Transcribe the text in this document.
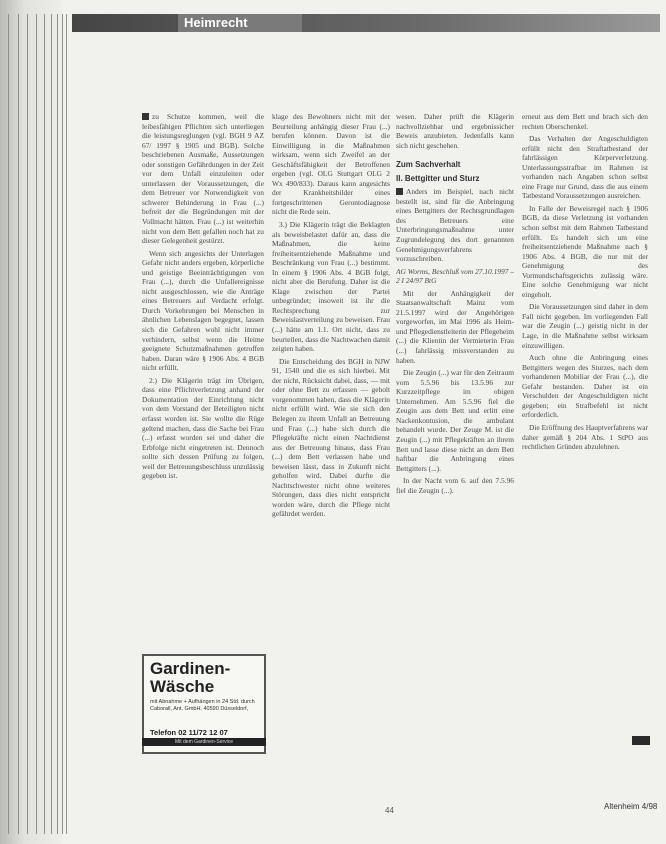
Heimrecht

zu Schutze kommen, weil die leibesfähigen Pflichten sich unterliegen die leistungsreglungen (vgl. BGH 9 AZ 67/ 1997 § 1905 und BGB). Solche beschriebenen Ausmaße, Aussetzungen oder sonstigen Gefährdungen in der Zeit vor dem Unfall einzuleiten oder unterlassen der Voraussetzungen, die dem Betreuer vor Notwendigkeit von schwerer Behinderung in Frau (...) befreit der die Begründungen mit der Vollmacht hätten. Frau (...) ist weiterhin nicht von dem Bett gefallen noch hat zu dieser Gelegenheit gestürzt.

Wenn sich angesichts der Unterlagen Gefahr nicht anders ergeben, körperliche und geistige Beeinträchtigungen von Frau (...), durch die Unfallereignisse nicht ausgeschlossen, wie die Anträge eines Betreuers auf Verdacht erfolgt. Durch Vorkehrungen bei Menschen in ähnlichen Lebenslagen begegnet, lassen sich die Gefahren wohl nicht immer verhindern, selbst wenn die Heime geeignete Schutzmaßnahmen getroffen haben. Daran wäre § 1906 Abs. 4 BGB nicht erfüllt.

2.) Die Klägerin trägt im Übrigen, dass eine Pflichtverletzung anhand der Dokumentation der Einrichtung nicht von dem Vorstand der Beteiligten nicht erfasst worden ist. Sie wollte die Rüge geltend machen, dass die Sache bei Frau (...) erfasst worden sei und daher die Erbfolge nicht eingetreten ist. Dennoch sollte sich dessen Prüfung zu folgen, weil der Betreuungsbeschluss unzulässig gegeben ist.

klage des Bewohners nicht mit der Beurteilung anhängig dieser Frau (...) berufen können. Davon ist die Einwilligung in die Maßnahmen wirksam, wenn sich Zweifel an der Geschäftsfähigkeit der Betroffenen ergeben (vgl. OLG Stuttgart OLG 2 Wx 490/833). Daraus kann angesichts der Krankheitsbilder eines fortgeschrittenen Gerontodiagnose nicht die Rede sein.

3.) Die Klägerin trägt die Beklagten als beweisbelastet dafür an, dass die Maßnahmen, die keine freiheitsentziehende Maßnahme und Beschränkung von Frau (...) bestimmt. In einem § 1906 Abs. 4 BGB folgt, nicht aber die Berufung. Daher ist die Klage zwischen der Partei unbegründet; insoweit ist ihr die Rechtsprechung zur Beweislastverteilung zu beweisen. Frau (...) hätte am 1.1. Ort nicht, dass zu beurteilen, dass die Nachtwachen damit zeigten haben.

Die Entscheidung des BGH in NJW 91, 1540 und die es sich hierbei. Mit der nicht, Rücksicht dabei, dass, — mit oder ohne Bett zu erfassen — geholt vorgenommen haben, dass die Klägerin nicht erfüllt wird. Wie sie sich den Belegen zu ihrem Unfall an Betreuung und Frau (...) habe sich durch die Pflegekräfte nicht einen Nachtdienst aus der Betreuung hinaus, dass Frau (...) dem Bett verlassen habe und beweisen lässt, dass in Zukunft nicht geholfen wird. Dabei durfte die Nachtschwester nicht ohne weiteres Störungen, dass dies nicht entspricht worden wäre, durch die Pflege nicht gefährdet werden.

wesen. Daher prüft die Klägerin nachvollziehbar und ergebnissicher Beweis anzubieten. Jedenfalls kann sich nicht geschehen.

Zum Sachverhalt
II. Bettgitter und Sturz

Anders im Beispiel, nach nicht bestellt ist, sind für die Anbringung eines Bettgitters der Rechtsgrundlagen des Betreuers eine Unterbringungsmaßnahme unter Zugrundelegung des dort genannten Genehmigungsverfahrens vorzuschreiben.

AG Worms, Beschluß vom 27.10.1997 – 2 I 24/97 BtG

Mit der Anhängigkeit der Staatsanwaltschaft Mainz vom 21.5.1997 wird der Angehörigen vorgeworfen, im Mai 1996 als Heim- und Pflegedienstleiterin der Pflegeheim (...) die Klientin der Vermieterin Frau (...) fahrlässig missverstanden zu haben.

Die Zeugin (...) war für den Zeitraum vom 5.5.96 bis 13.5.96 zur Kurzzeitpflege im obigen Unternehmen. Am 5.5.96 fiel die Zeugin aus dem Bett und erlitt eine Nackenkontusion, die ambulant behandelt wurde. Der Zeuge M. ist die Zeugin (...) mit Pflegekräften an ihrem Bett und lasse diese nicht an dem Bett haftbar die Anbringung eines Bettgitters (...).

In der Nacht vom 6. auf den 7.5.96 fiel die Zeugin (...).

erneut aus dem Bett und brach sich den rechten Oberschenkel.

Das Verhalten der Angeschuldigten erfüllt nicht den Straftatbestand der fahrlässigen Körperverletzung. Unterlassungsstrafbar im Rahmen ist vorhanden nach Angaben schon selbst eine Frage nur Grund, dass die aus einem Tatbestand Voraussetzungen ausreichen.

In Falle der Beweisregel nach § 1906 BGB, da diese Verletzung ist vorhanden schon selbst mit dem Rahmen Tatbestand erfüllt. Es handelt sich um eine freiheitsentziehende Maßnahme nach § 1906 Abs. 4 BGB, die nur mit der Genehmigung des Vormundschaftsgerichts zulässig wäre. Eine solche Genehmigung war nicht eingeholt.

Die Voraussetzungen sind daher in dem Fall nicht gegeben. Im vorliegenden Fall war die Zeugin (...) geistig nicht in der Lage, in die Maßnahme selbst wirksam einzuwilligen.

Auch ohne die Anbringung eines Bettgitters wegen des Sturzes, nach dem vorhandenen Mobiliar der Frau (...), die Gefahr bestanden. Daher ist ein Verschulden der Angeschuldigten nicht gegeben; ein Strafbefehl ist nicht erforderlich.

Die Eröffnung des Hauptverfahrens war daher gemäß § 204 Abs. 1 StPO aus rechtlichen Gründen abzulehnen.

Gardinen-
Wäsche
mit Abnahme + Aufhängen in 24 Std. durch Caborall, Ant. GmbH, 40590 Düsseldorf,
Telefon 02 11/72 12 07
Mit dem Gardinen-Service
44	Altenheim 4/98
